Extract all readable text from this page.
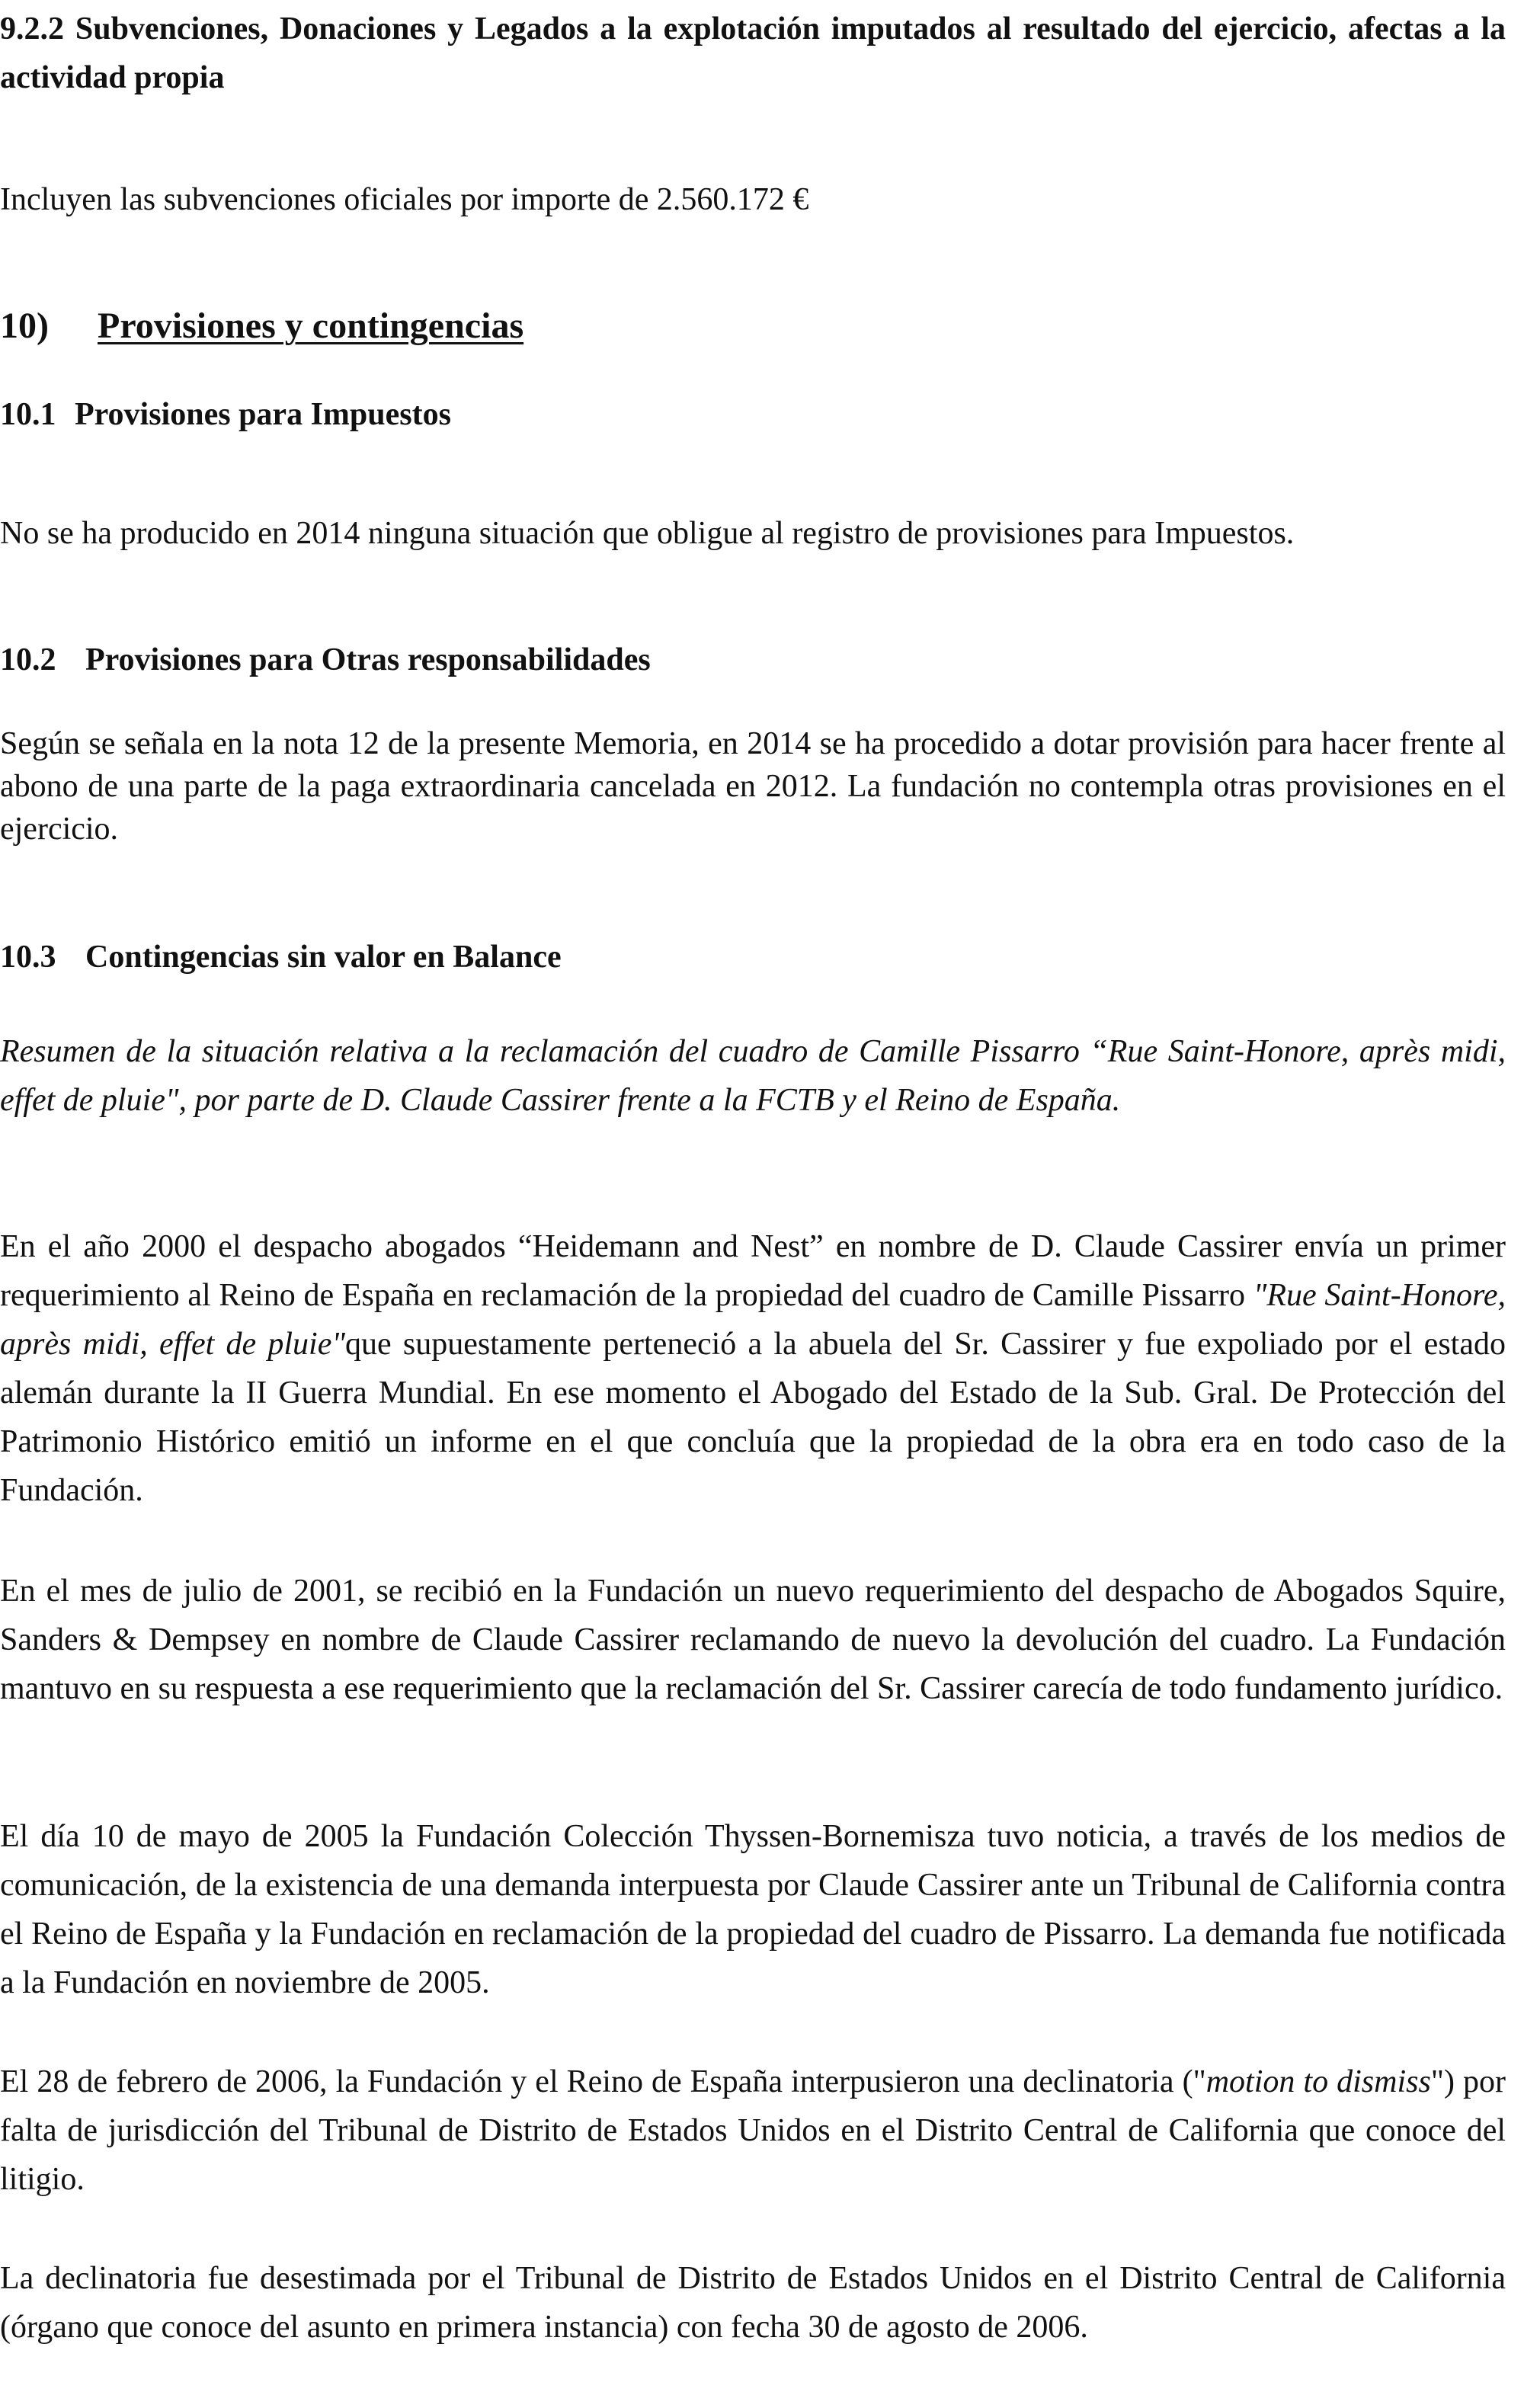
9.2.2 Subvenciones, Donaciones y Legados a la explotación imputados al resultado del ejercicio, afectas a la actividad propia

Incluyen las subvenciones oficiales por importe de 2.560.172 €

10) Provisiones y contingencias

10.1 Provisiones para Impuestos

No se ha producido en 2014 ninguna situación que obligue al registro de provisiones para Impuestos.

10.2 Provisiones para Otras responsabilidades

Según se señala en la nota 12 de la presente Memoria, en 2014 se ha procedido a dotar provisión para hacer frente al abono de una parte de la paga extraordinaria cancelada en 2012. La fundación no contempla otras provisiones en el ejercicio.

10.3 Contingencias sin valor en Balance

Resumen de la situación relativa a la reclamación del cuadro de Camille Pissarro “Rue Saint-Honore, après midi, effet de pluie", por parte de D. Claude Cassirer frente a la FCTB y el Reino de España.

En el año 2000 el despacho abogados “Heidemann and Nest” en nombre de D. Claude Cassirer envía un primer requerimiento al Reino de España en reclamación de la propiedad del cuadro de Camille Pissarro "Rue Saint-Honore, après midi, effet de pluie"que supuestamente perteneció a la abuela del Sr. Cassirer y fue expoliado por el estado alemán durante la II Guerra Mundial. En ese momento el Abogado del Estado de la Sub. Gral. De Protección del Patrimonio Histórico emitió un informe en el que concluía que la propiedad de la obra era en todo caso de la Fundación.

En el mes de julio de 2001, se recibió en la Fundación un nuevo requerimiento del despacho de Abogados Squire, Sanders & Dempsey en nombre de Claude Cassirer reclamando de nuevo la devolución del cuadro. La Fundación mantuvo en su respuesta a ese requerimiento que la reclamación del Sr. Cassirer carecía de todo fundamento jurídico.

El día 10 de mayo de 2005 la Fundación Colección Thyssen-Bornemisza tuvo noticia, a través de los medios de comunicación, de la existencia de una demanda interpuesta por Claude Cassirer ante un Tribunal de California contra el Reino de España y la Fundación en reclamación de la propiedad del cuadro de Pissarro. La demanda fue notificada a la Fundación en noviembre de 2005.

El 28 de febrero de 2006, la Fundación y el Reino de España interpusieron una declinatoria ("motion to dismiss") por falta de jurisdicción del Tribunal de Distrito de Estados Unidos en el Distrito Central de California que conoce del litigio.

La declinatoria fue desestimada por el Tribunal de Distrito de Estados Unidos en el Distrito Central de California (órgano que conoce del asunto en primera instancia) con fecha 30 de agosto de 2006.
